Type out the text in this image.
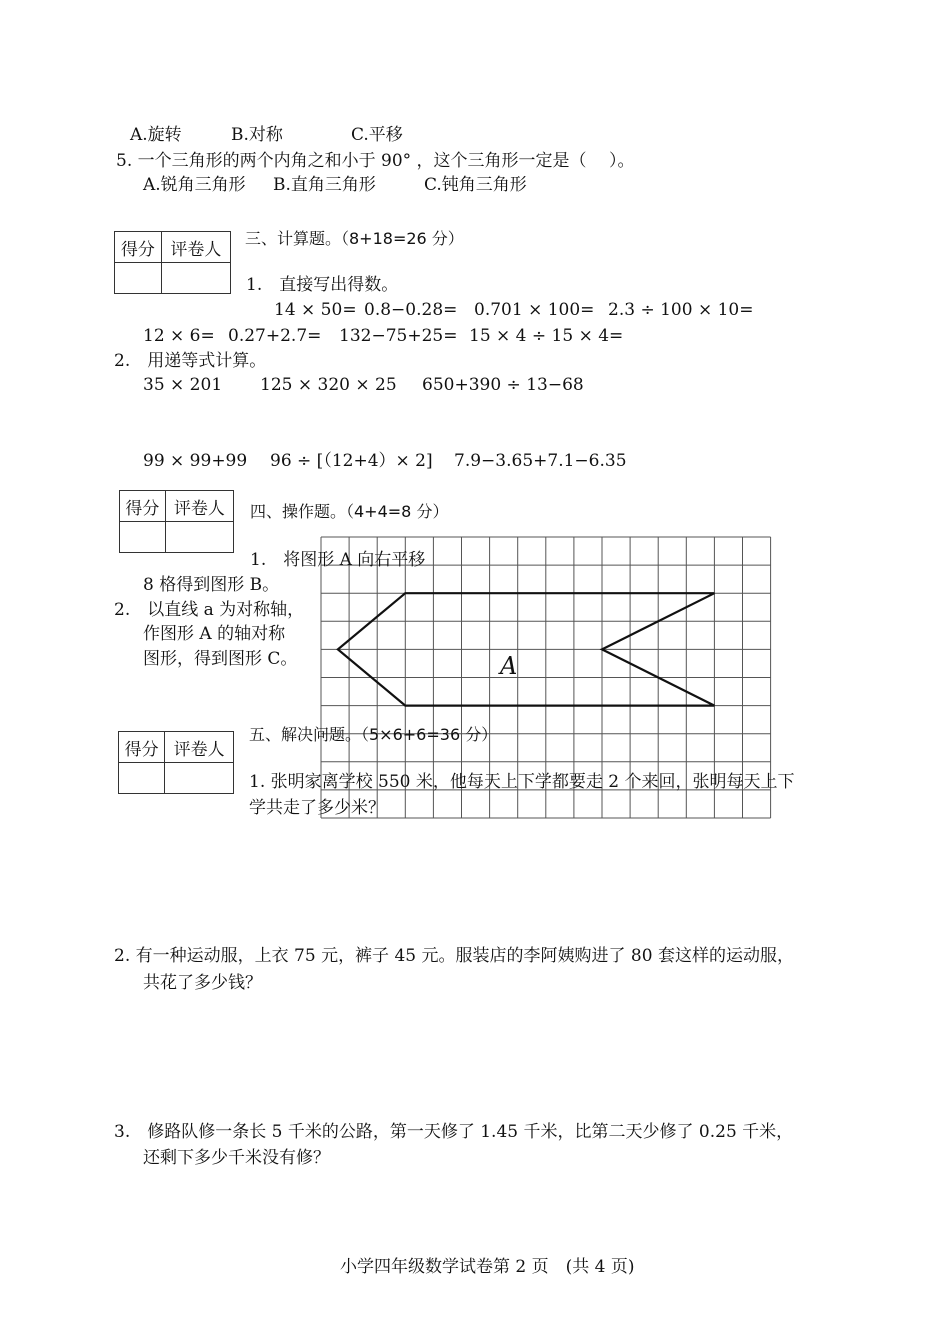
A.旋转	B.对称	C.平移
5. 一个三角形的两个内角之和小于 90° ，这个三角形一定是（　 ）。
A.锐角三角形 B.直角三角形	C.钝角三角形
得分	评卷人

三、计算题。（8+18=26 分）
1.　直接写出得数。
14 × 50= 0.8−0.28= 0.701 × 100= 2.3 ÷ 100 × 10=
12 × 6= 0.27+2.7= 132−75+25= 15 × 4 ÷ 15 × 4=
2.　用递等式计算。
35 × 201 125 × 320 × 25 650+390 ÷ 13−68
99 × 99+99 96 ÷ [（12+4）× 2] 7.9−3.65+7.1−6.35
得分	评卷人
	四、操作题。（4+4=8 分）
1.　将图形 A 向右平移
8 格得到图形 B。
2.　以直线 a 为对称轴，
作图形 A 的轴对称
图形，得到图形 C。	A
得分	评卷人

五、解决问题。（5×6+6=36 分）
1. 张明家离学校 550 米，他每天上下学都要走 2 个来回，张明每天上下
学共走了多少米？
2. 有一种运动服，上衣 75 元，裤子 45 元。服装店的李阿姨购进了 80 套这样的运动服，
共花了多少钱？
3.　修路队修一条长 5 千米的公路，第一天修了 1.45 千米，比第二天少修了 0.25 千米，
还剩下多少千米没有修？
小学四年级数学试卷第 2 页　(共 4 页)
